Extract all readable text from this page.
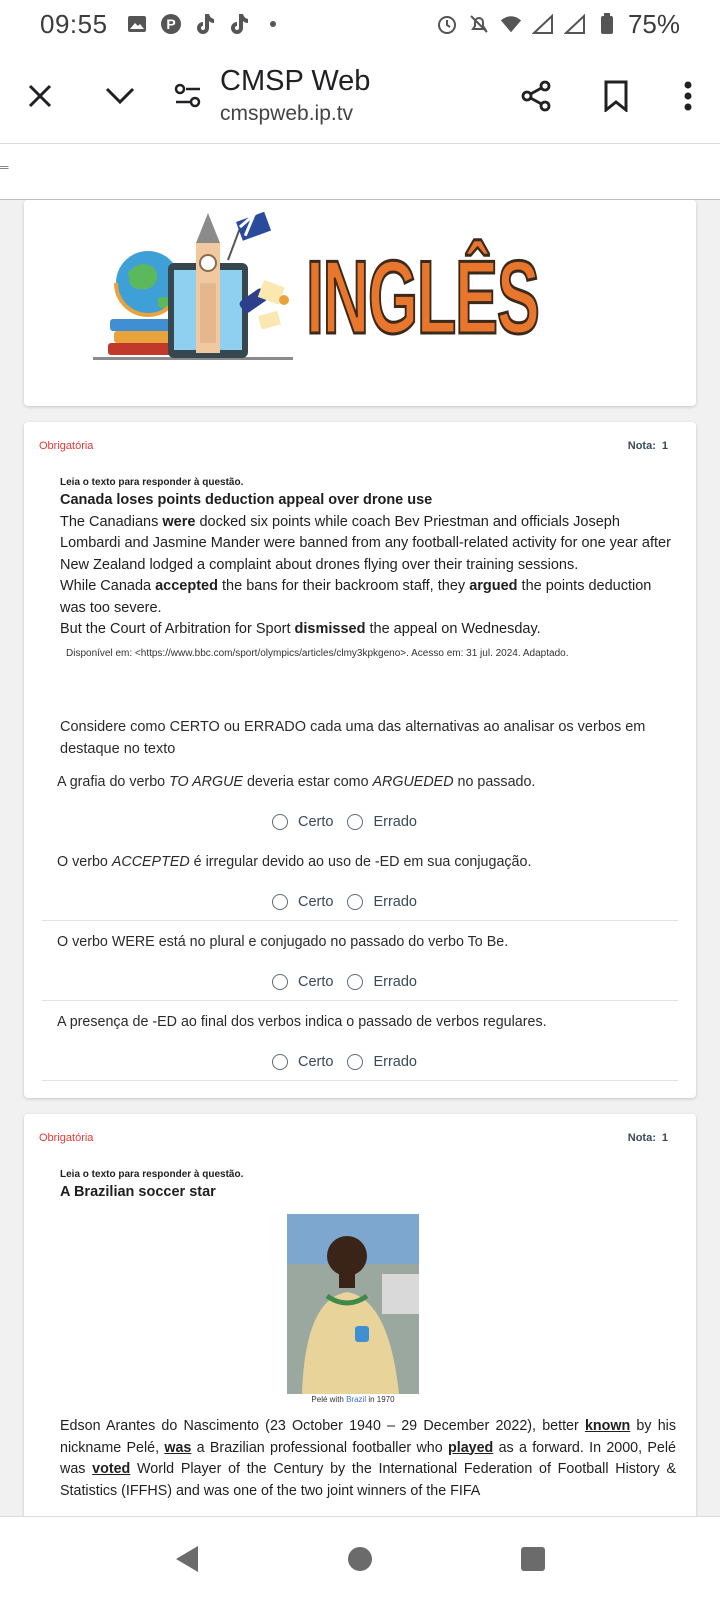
09:55	P	75%
CMSP Web
cmspweb.ip.tv
═
INGLÊS
Obrigatória	Nota: 1
Leia o texto para responder à questão.
Canada loses points deduction appeal over drone use
The Canadians were docked six points while coach Bev Priestman and officials Joseph Lombardi and Jasmine Mander were banned from any football-related activity for one year after New Zealand lodged a complaint about drones flying over their training sessions.
While Canada accepted the bans for their backroom staff, they argued the points deduction was too severe.
But the Court of Arbitration for Sport dismissed the appeal on Wednesday.
Disponível em: <https://www.bbc.com/sport/olympics/articles/clmy3kpkgeno>. Acesso em: 31 jul. 2024. Adaptado.
Considere como CERTO ou ERRADO cada uma das alternativas ao analisar os verbos em destaque no texto
A grafia do verbo TO ARGUE deveria estar como ARGUEDED no passado.
Certo	Errado
O verbo ACCEPTED é irregular devido ao uso de -ED em sua conjugação.
Certo	Errado
O verbo WERE está no plural e conjugado no passado do verbo To Be.
Certo	Errado
A presença de -ED ao final dos verbos indica o passado de verbos regulares.
Certo	Errado
Obrigatória	Nota: 1
Leia o texto para responder à questão.
A Brazilian soccer star
Pelé with Brazil in 1970
Edson Arantes do Nascimento (23 October 1940 – 29 December 2022), better known by his nickname Pelé, was a Brazilian professional footballer who played as a forward. In 2000, Pelé was voted World Player of the Century by the International Federation of Football History & Statistics (IFFHS) and was one of the two joint winners of the FIFA
